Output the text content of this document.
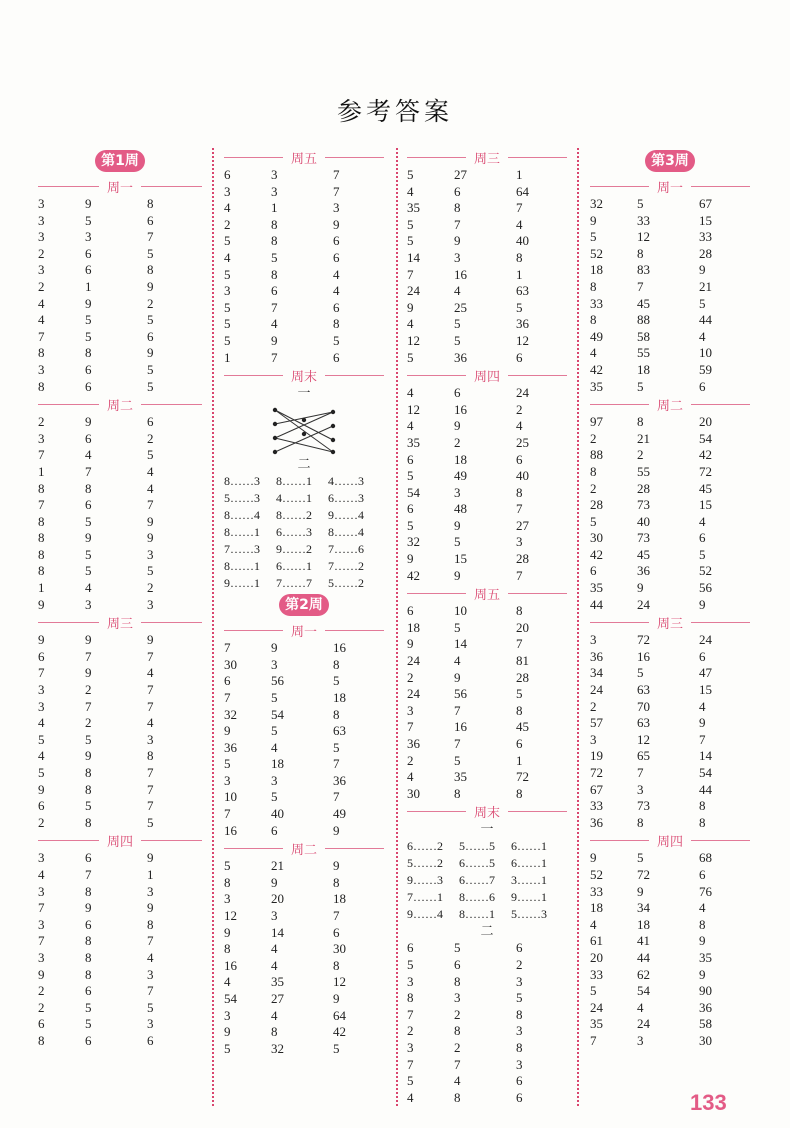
参考答案
第1周
周一
3	9	8
3	5	6
3	3	7
2	6	5
3	6	8
2	1	9
4	9	2
4	5	5
7	5	6
8	8	9
3	6	5
8	6	5
周二
2	9	6
3	6	2
7	4	5
1	7	4
8	8	4
7	6	7
8	5	9
8	9	9
8	5	3
8	5	5
1	4	2
9	3	3
周三
9	9	9
6	7	7
7	9	4
3	2	7
3	7	7
4	2	4
5	5	3
4	9	8
5	8	7
9	8	7
6	5	7
2	8	5
周四
3	6	9
4	7	1
3	8	3
7	9	9
3	6	8
7	8	7
3	8	4
9	8	3
2	6	7
2	5	5
6	5	3
8	6	6
周五
6	3	7
3	3	7
4	1	3
2	8	9
5	8	6
4	5	6
5	8	4
3	6	4
5	7	6
5	4	8
5	9	5
1	7	6
周末
一
二
8……3	8……1	4……3
5……3	4……1	6……3
8……4	8……2	9……4
8……1	6……3	8……4
7……3	9……2	7……6
8……1	6……1	7……2
9……1	7……7	5……2
第2周
周一
7	9	16
30	3	8
6	56	5
7	5	18
32	54	8
9	5	63
36	4	5
5	18	7
3	3	36
10	5	7
7	40	49
16	6	9
周二
5	21	9
8	9	8
3	20	18
12	3	7
9	14	6
8	4	30
16	4	8
4	35	12
54	27	9
3	4	64
9	8	42
5	32	5
周三
5	27	1
4	6	64
35	8	7
5	7	4
5	9	40
14	3	8
7	16	1
24	4	63
9	25	5
4	5	36
12	5	12
5	36	6
周四
4	6	24
12	16	2
4	9	4
35	2	25
6	18	6
5	49	40
54	3	8
6	48	7
5	9	27
32	5	3
9	15	28
42	9	7
周五
6	10	8
18	5	20
9	14	7
24	4	81
2	9	28
24	56	5
3	7	8
7	16	45
36	7	6
2	5	1
4	35	72
30	8	8
周末
一
6……2	5……5	6……1
5……2	6……5	6……1
9……3	6……7	3……1
7……1	8……6	9……1
9……4	8……1	5……3
二
6	5	6
5	6	2
3	8	3
8	3	5
7	2	8
2	8	3
3	2	8
7	7	3
5	4	6
4	8	6
第3周
周一
32	5	67
9	33	15
5	12	33
52	8	28
18	83	9
8	7	21
33	45	5
8	88	44
49	58	4
4	55	10
42	18	59
35	5	6
周二
97	8	20
2	21	54
88	2	42
8	55	72
2	28	45
28	73	15
5	40	4
30	73	6
42	45	5
6	36	52
35	9	56
44	24	9
周三
3	72	24
36	16	6
34	5	47
24	63	15
2	70	4
57	63	9
3	12	7
19	65	14
72	7	54
67	3	44
33	73	8
36	8	8
周四
9	5	68
52	72	6
33	9	76
18	34	4
4	18	8
61	41	9
20	44	35
33	62	9
5	54	90
24	4	36
35	24	58
7	3	30
133
